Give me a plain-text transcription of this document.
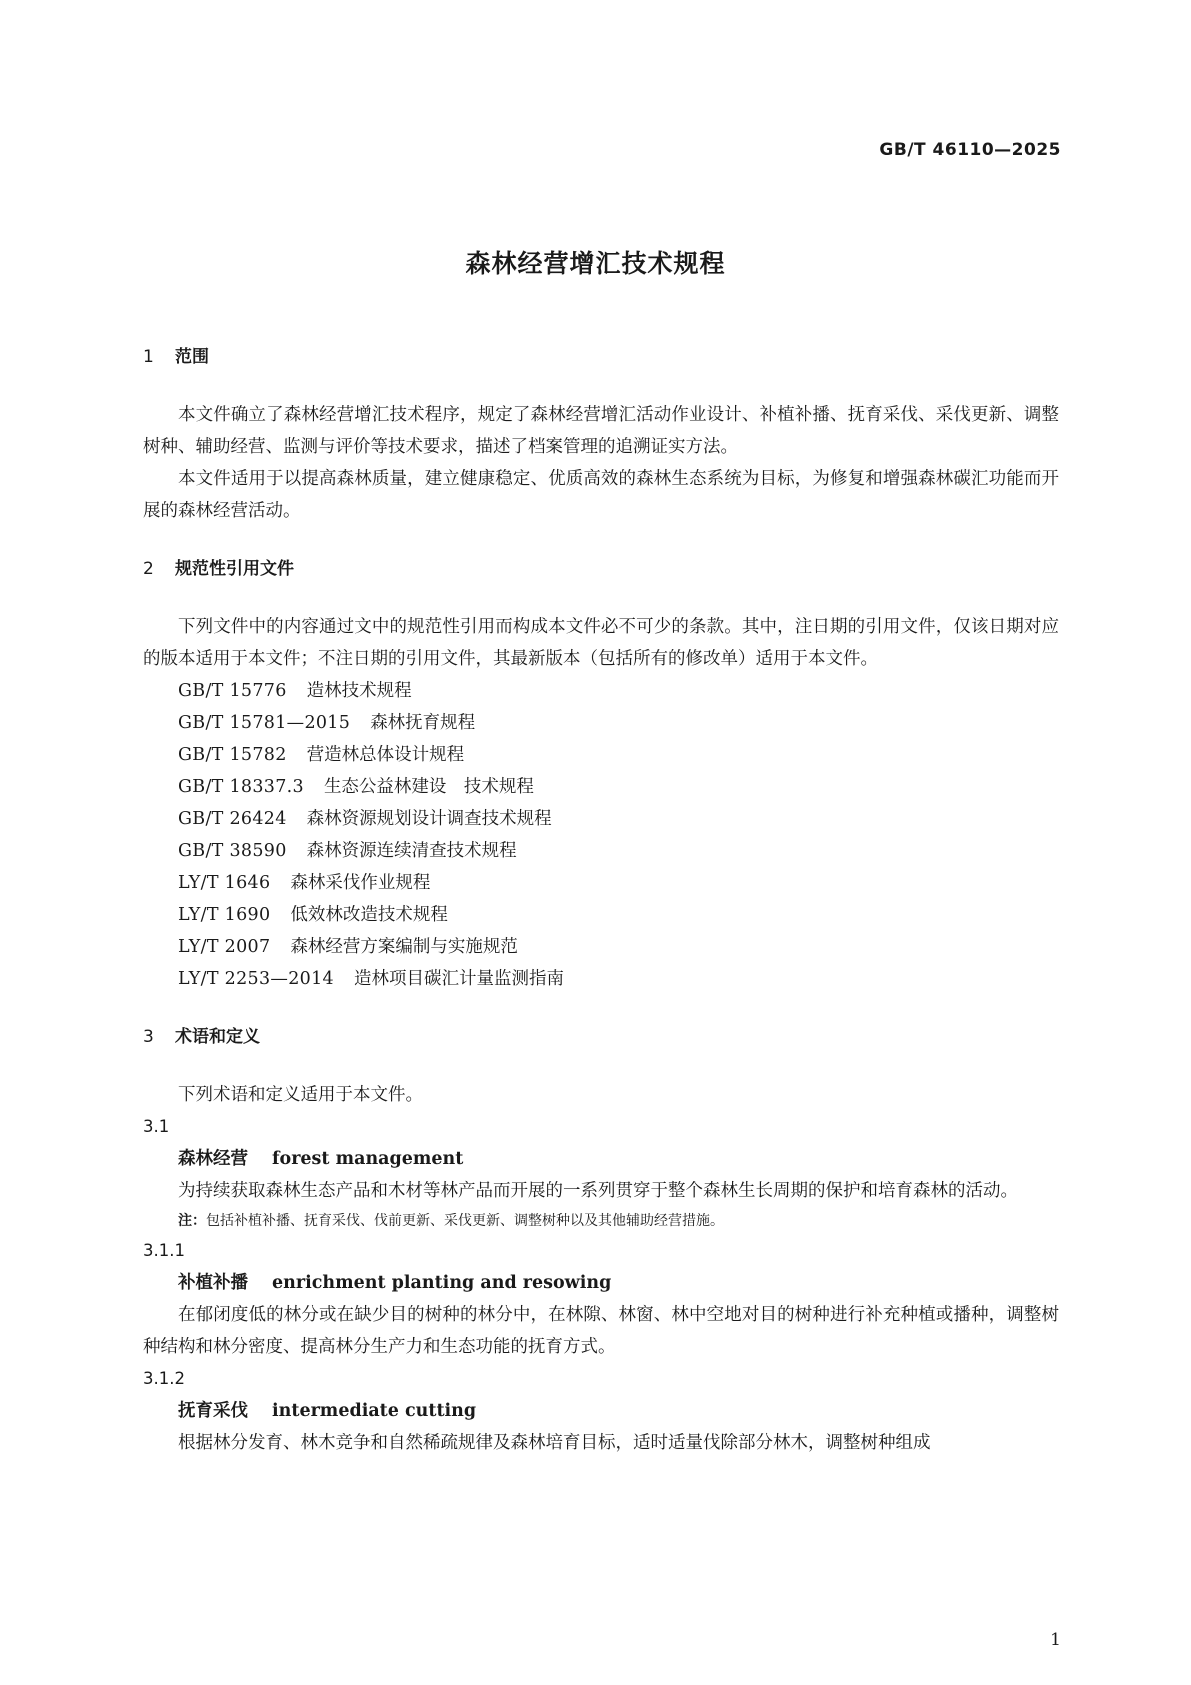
GB/T 46110—2025
森林经营增汇技术规程
1 范围
本文件确立了森林经营增汇技术程序，规定了森林经营增汇活动作业设计、补植补播、抚育采伐、采伐更新、调整树种、辅助经营、监测与评价等技术要求，描述了档案管理的追溯证实方法。
本文件适用于以提高森林质量，建立健康稳定、优质高效的森林生态系统为目标，为修复和增强森林碳汇功能而开展的森林经营活动。
2 规范性引用文件
下列文件中的内容通过文中的规范性引用而构成本文件必不可少的条款。其中，注日期的引用文件，仅该日期对应的版本适用于本文件；不注日期的引用文件，其最新版本（包括所有的修改单）适用于本文件。
GB/T 15776 造林技术规程
GB/T 15781—2015 森林抚育规程
GB/T 15782 营造林总体设计规程
GB/T 18337.3 生态公益林建设　技术规程
GB/T 26424 森林资源规划设计调查技术规程
GB/T 38590 森林资源连续清查技术规程
LY/T 1646 森林采伐作业规程
LY/T 1690 低效林改造技术规程
LY/T 2007 森林经营方案编制与实施规范
LY/T 2253—2014 造林项目碳汇计量监测指南
3 术语和定义
下列术语和定义适用于本文件。
3.1
森林经营 forest management
为持续获取森林生态产品和木材等林产品而开展的一系列贯穿于整个森林生长周期的保护和培育森林的活动。
注：包括补植补播、抚育采伐、伐前更新、采伐更新、调整树种以及其他辅助经营措施。
3.1.1
补植补播 enrichment planting and resowing
在郁闭度低的林分或在缺少目的树种的林分中，在林隙、林窗、林中空地对目的树种进行补充种植或播种，调整树种结构和林分密度、提高林分生产力和生态功能的抚育方式。
3.1.2
抚育采伐 intermediate cutting
根据林分发育、林木竞争和自然稀疏规律及森林培育目标，适时适量伐除部分林木，调整树种组成
1
